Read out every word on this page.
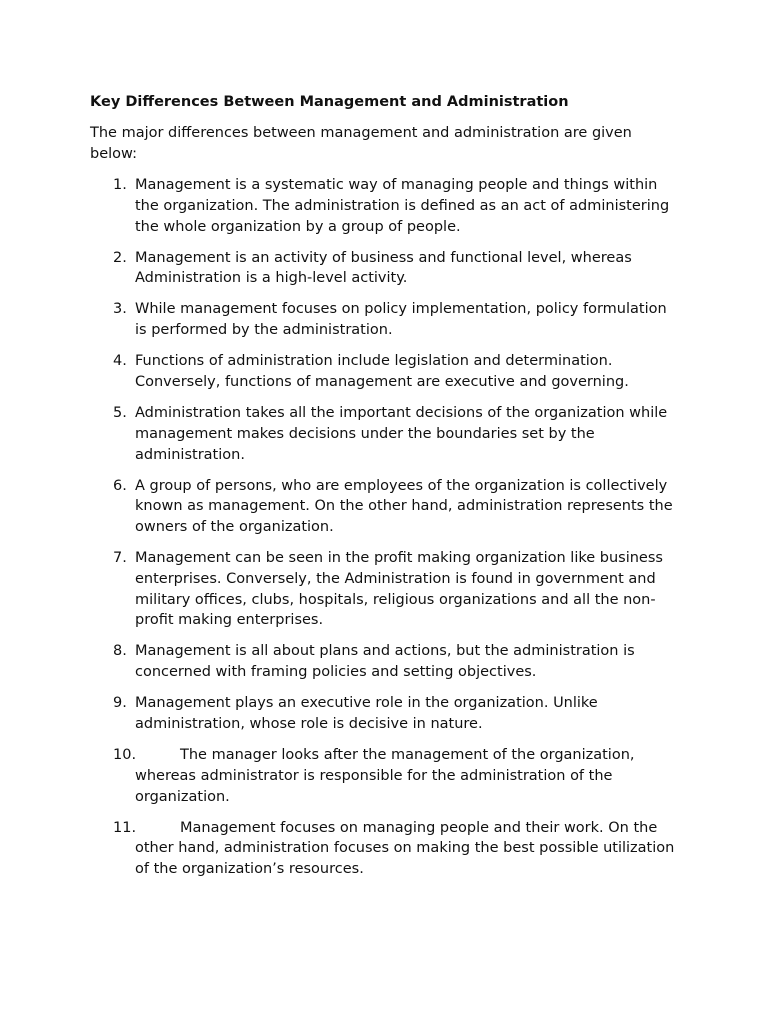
Key Differences Between Management and Administration
The major differences between management and administration are given below:
1. Management is a systematic way of managing people and things within the organization. The administration is defined as an act of administering the whole organization by a group of people.
2. Management is an activity of business and functional level, whereas Administration is a high-level activity.
3. While management focuses on policy implementation, policy formulation is performed by the administration.
4. Functions of administration include legislation and determination. Conversely, functions of management are executive and governing.
5. Administration takes all the important decisions of the organization while management makes decisions under the boundaries set by the administration.
6. A group of persons, who are employees of the organization is collectively known as management. On the other hand, administration represents the owners of the organization.
7. Management can be seen in the profit making organization like business enterprises. Conversely, the Administration is found in government and military offices, clubs, hospitals, religious organizations and all the non-profit making enterprises.
8. Management is all about plans and actions, but the administration is concerned with framing policies and setting objectives.
9. Management plays an executive role in the organization. Unlike administration, whose role is decisive in nature.
10.	The manager looks after the management of the organization, whereas administrator is responsible for the administration of the organization.
11.	Management focuses on managing people and their work. On the other hand, administration focuses on making the best possible utilization of the organization’s resources.
